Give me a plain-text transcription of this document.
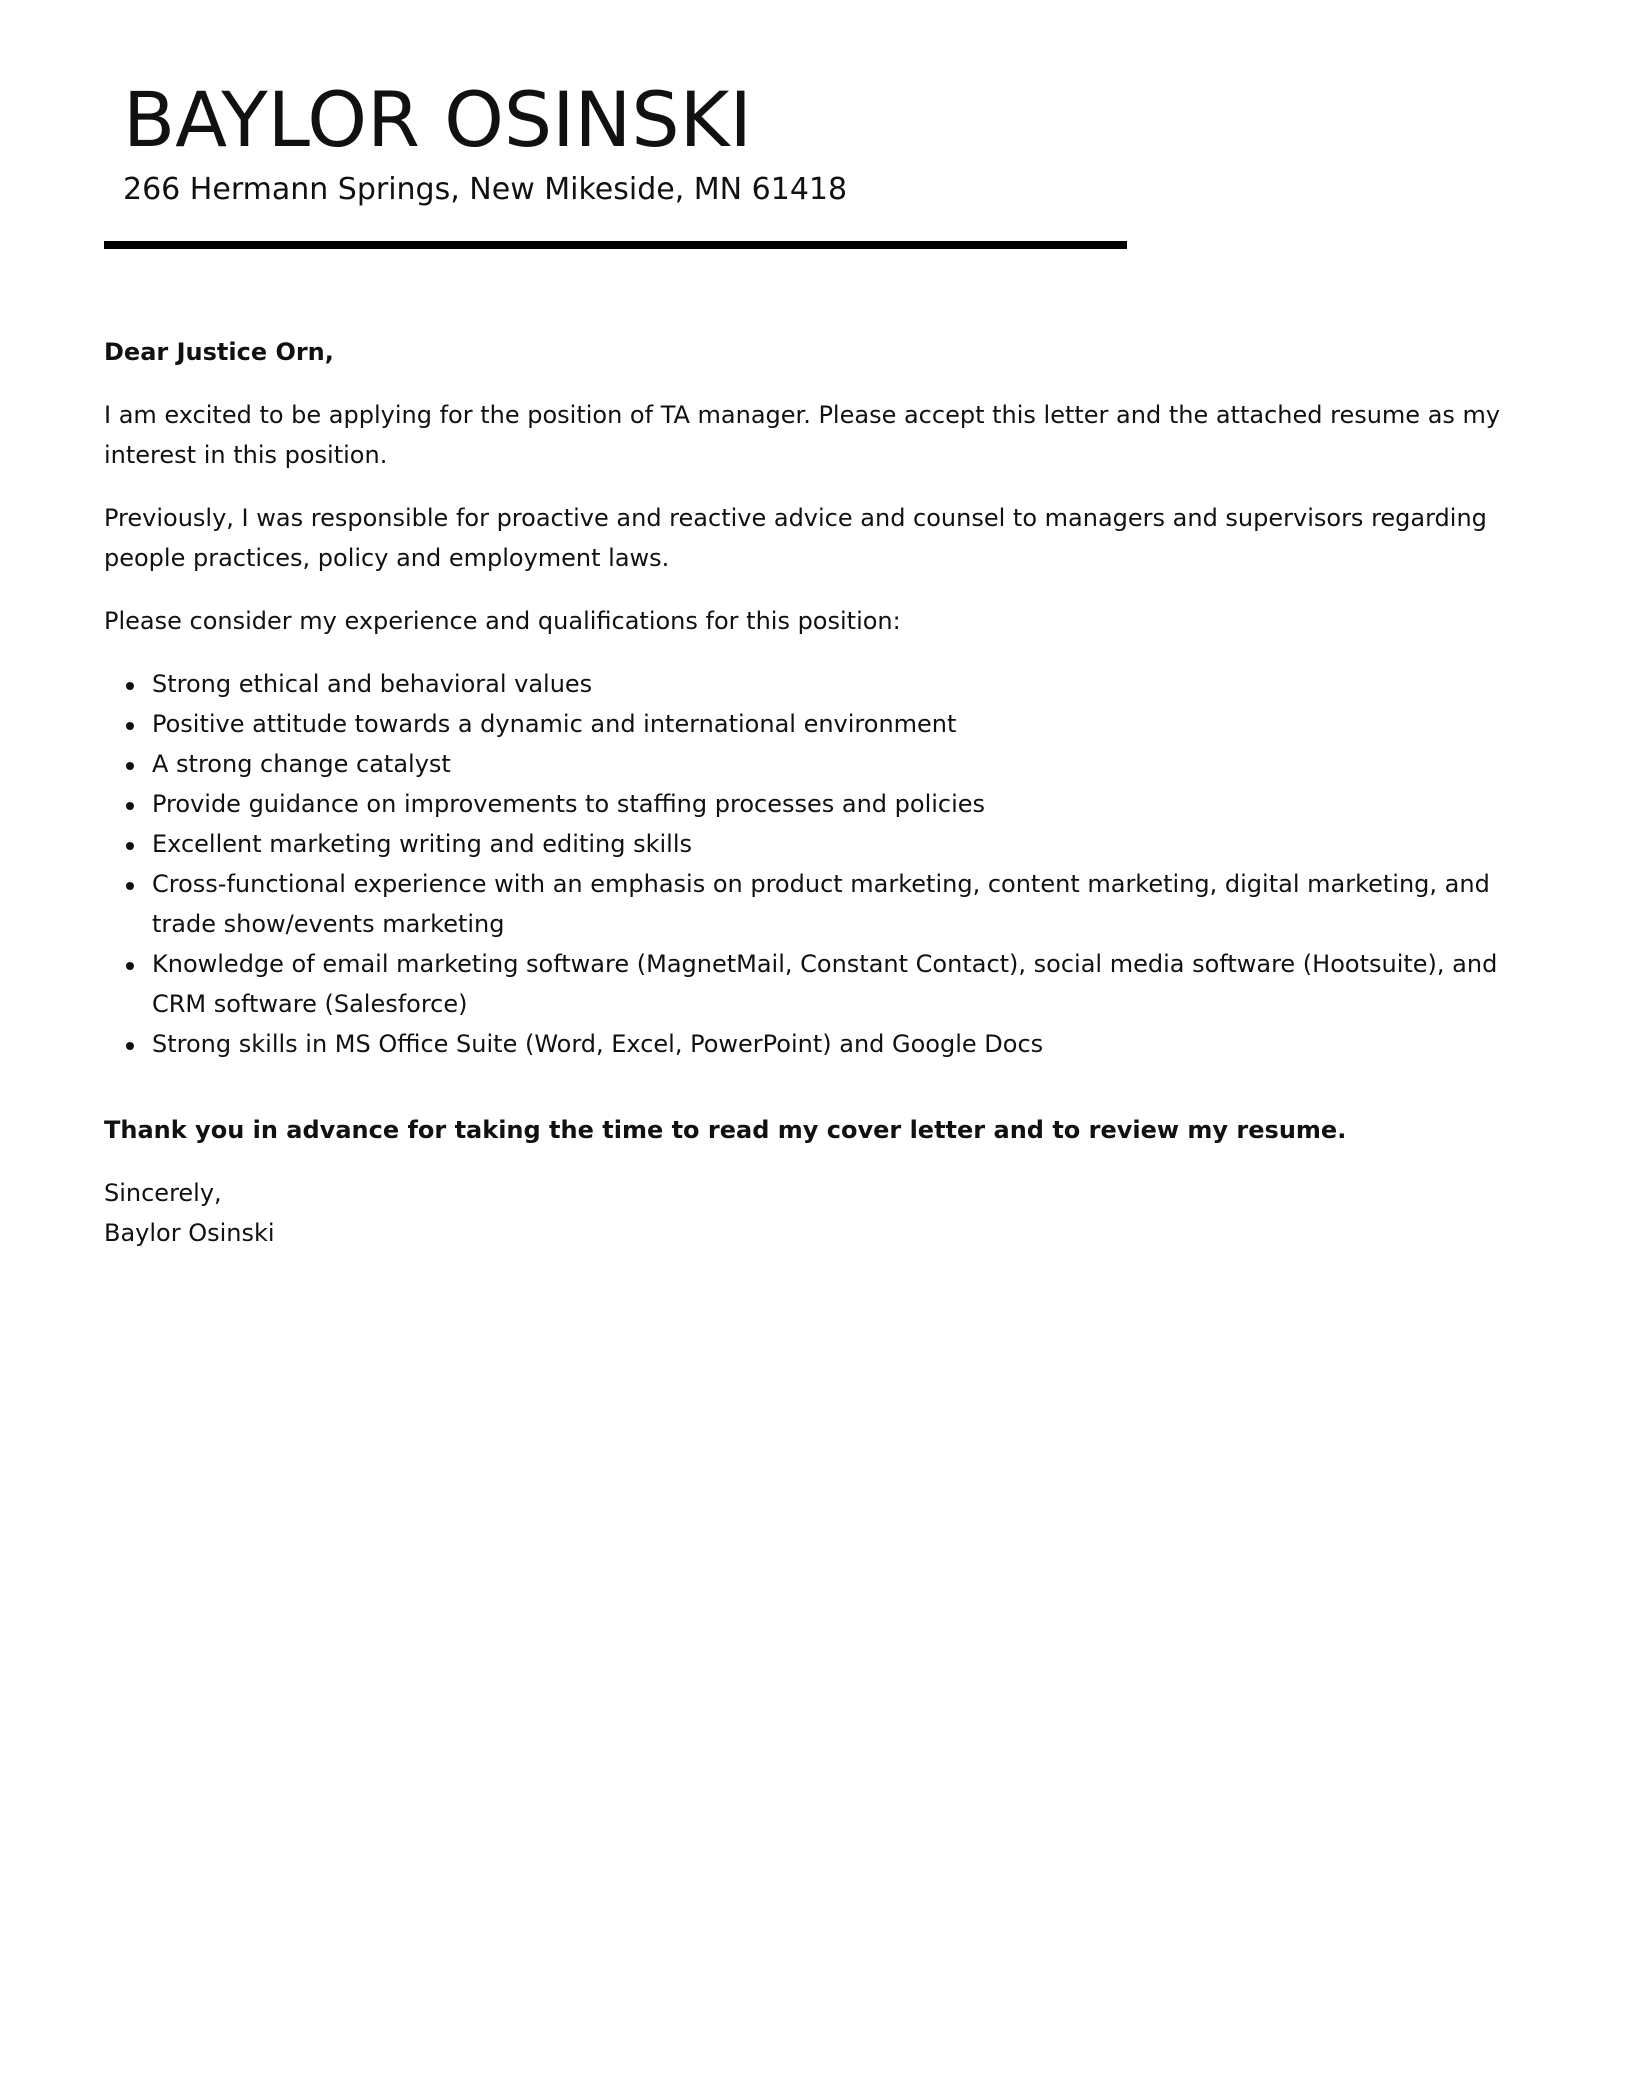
BAYLOR OSINSKI
266 Hermann Springs, New Mikeside, MN 61418

Dear Justice Orn,

I am excited to be applying for the position of TA manager. Please accept this letter and the attached resume as my interest in this position.

Previously, I was responsible for proactive and reactive advice and counsel to managers and supervisors regarding people practices, policy and employment laws.

Please consider my experience and qualifications for this position:

Strong ethical and behavioral values
Positive attitude towards a dynamic and international environment
A strong change catalyst
Provide guidance on improvements to staffing processes and policies
Excellent marketing writing and editing skills
Cross-functional experience with an emphasis on product marketing, content marketing, digital marketing, and trade show/events marketing
Knowledge of email marketing software (MagnetMail, Constant Contact), social media software (Hootsuite), and CRM software (Salesforce)
Strong skills in MS Office Suite (Word, Excel, PowerPoint) and Google Docs

Thank you in advance for taking the time to read my cover letter and to review my resume.

Sincerely,
Baylor Osinski
